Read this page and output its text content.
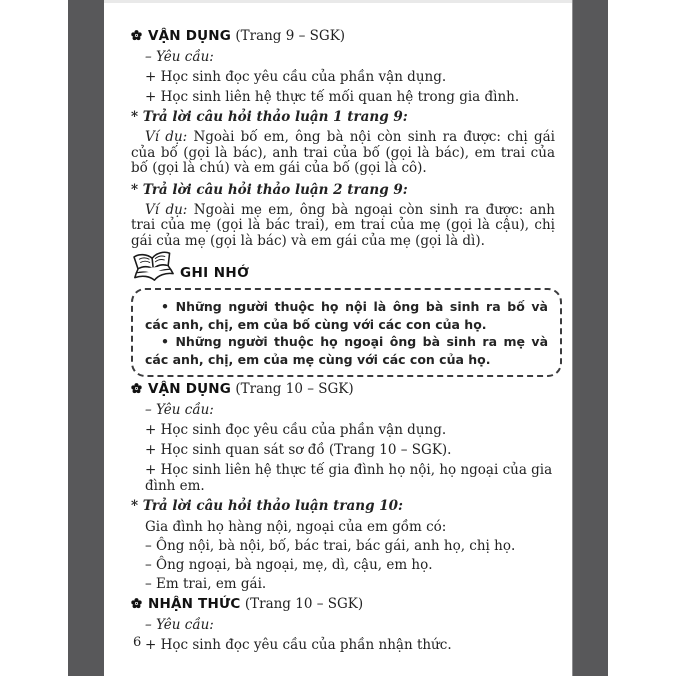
VẬN DỤNG (Trang 9 – SGK)
– Yêu cầu:
+ Học sinh đọc yêu cầu của phần vận dụng.
+ Học sinh liên hệ thực tế mối quan hệ trong gia đình.
* Trả lời câu hỏi thảo luận 1 trang 9:

Ví dụ: Ngoài bố em, ông bà nội còn sinh ra được: chị gái của bố (gọi là bác), anh trai của bố (gọi là bác), em trai của bố (gọi là chú) và em gái của bố (gọi là cô).

* Trả lời câu hỏi thảo luận 2 trang 9:

Ví dụ: Ngoài mẹ em, ông bà ngoại còn sinh ra được: anh trai của mẹ (gọi là bác trai), em trai của mẹ (gọi là cậu), chị gái của mẹ (gọi là bác) và em gái của mẹ (gọi là dì).

GHI NHỚ

• Những người thuộc họ nội là ông bà sinh ra bố và các anh, chị, em của bố cùng với các con của họ.

• Những người thuộc họ ngoại ông bà sinh ra mẹ và các anh, chị, em của mẹ cùng với các con của họ.

VẬN DỤNG (Trang 10 – SGK)
– Yêu cầu:
+ Học sinh đọc yêu cầu của phần vận dụng.
+ Học sinh quan sát sơ đồ (Trang 10 – SGK).
+ Học sinh liên hệ thực tế gia đình họ nội, họ ngoại của gia đình em.
* Trả lời câu hỏi thảo luận trang 10:
Gia đình họ hàng nội, ngoại của em gồm có:
– Ông nội, bà nội, bố, bác trai, bác gái, anh họ, chị họ.
– Ông ngoại, bà ngoại, mẹ, dì, cậu, em họ.
– Em trai, em gái.
NHẬN THỨC (Trang 10 – SGK)
– Yêu cầu:
+ Học sinh đọc yêu cầu của phần nhận thức.
6
